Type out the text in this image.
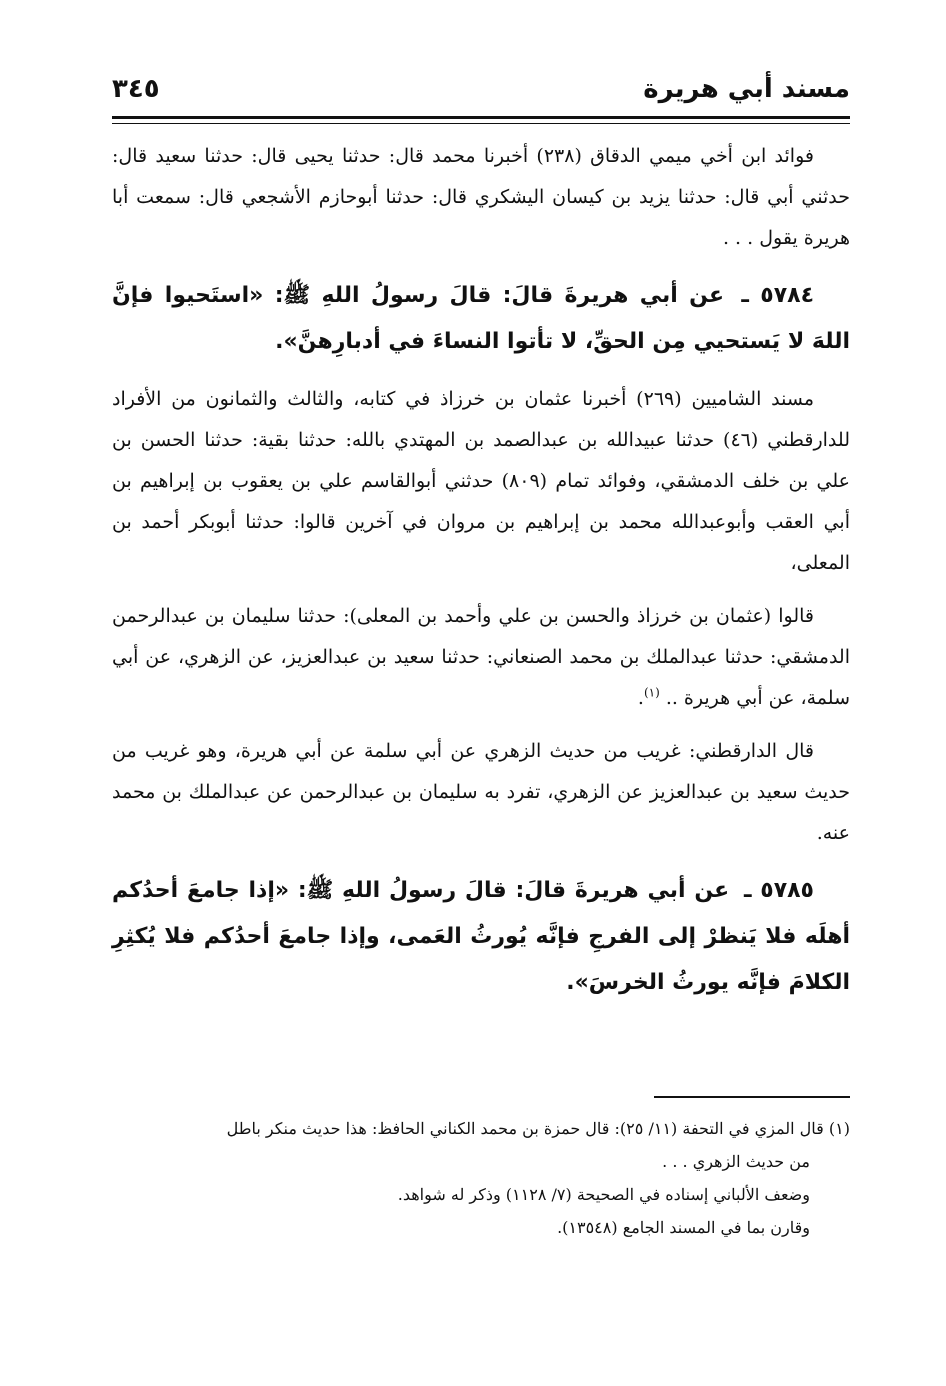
مسند أبي هريرة
٣٤٥

فوائد ابن أخي ميمي الدقاق (٢٣٨) أخبرنا محمد قال: حدثنا يحيى قال: حدثنا سعيد قال: حدثني أبي قال: حدثنا يزيد بن كيسان اليشكري قال: حدثنا أبوحازم الأشجعي قال: سمعت أبا هريرة يقول . . .

٥٧٨٤ ـ عن أبي هريرةَ قالَ: قالَ رسولُ اللهِ ﷺ: «استَحيوا فإنَّ اللهَ لا يَستحيي مِن الحقِّ، لا تأتوا النساءَ في أدبارِهنَّ».

مسند الشاميين (٢٦٩) أخبرنا عثمان بن خرزاذ في كتابه، والثالث والثمانون من الأفراد للدارقطني (٤٦) حدثنا عبيدالله بن عبدالصمد بن المهتدي بالله: حدثنا بقية: حدثنا الحسن بن علي بن خلف الدمشقي، وفوائد تمام (٨٠٩) حدثني أبوالقاسم علي بن يعقوب بن إبراهيم بن أبي العقب وأبوعبدالله محمد بن إبراهيم بن مروان في آخرين قالوا: حدثنا أبوبكر أحمد بن المعلى،

قالوا (عثمان بن خرزاذ والحسن بن علي وأحمد بن المعلى): حدثنا سليمان بن عبدالرحمن الدمشقي: حدثنا عبدالملك بن محمد الصنعاني: حدثنا سعيد بن عبدالعزيز، عن الزهري، عن أبي سلمة، عن أبي هريرة .. $^{(١)}$.

قال الدارقطني: غريب من حديث الزهري عن أبي سلمة عن أبي هريرة، وهو غريب من حديث سعيد بن عبدالعزيز عن الزهري، تفرد به سليمان بن عبدالرحمن عن عبدالملك بن محمد عنه.

٥٧٨٥ ـ عن أبي هريرةَ قالَ: قالَ رسولُ اللهِ ﷺ: «إذا جامعَ أحدُكم أهلَه فلا يَنظرْ إلى الفرجِ فإنَّه يُورثُ العَمى، وإذا جامعَ أحدُكم فلا يُكثِرِ الكلامَ فإنَّه يورثُ الخرسَ».

(١) قال المزي في التحفة (١١/ ٢٥): قال حمزة بن محمد الكناني الحافظ: هذا حديث منكر باطل
من حديث الزهري . . .
وضعف الألباني إسناده في الصحيحة (٧/ ١١٢٨) وذكر له شواهد.
وقارن بما في المسند الجامع (١٣٥٤٨).
